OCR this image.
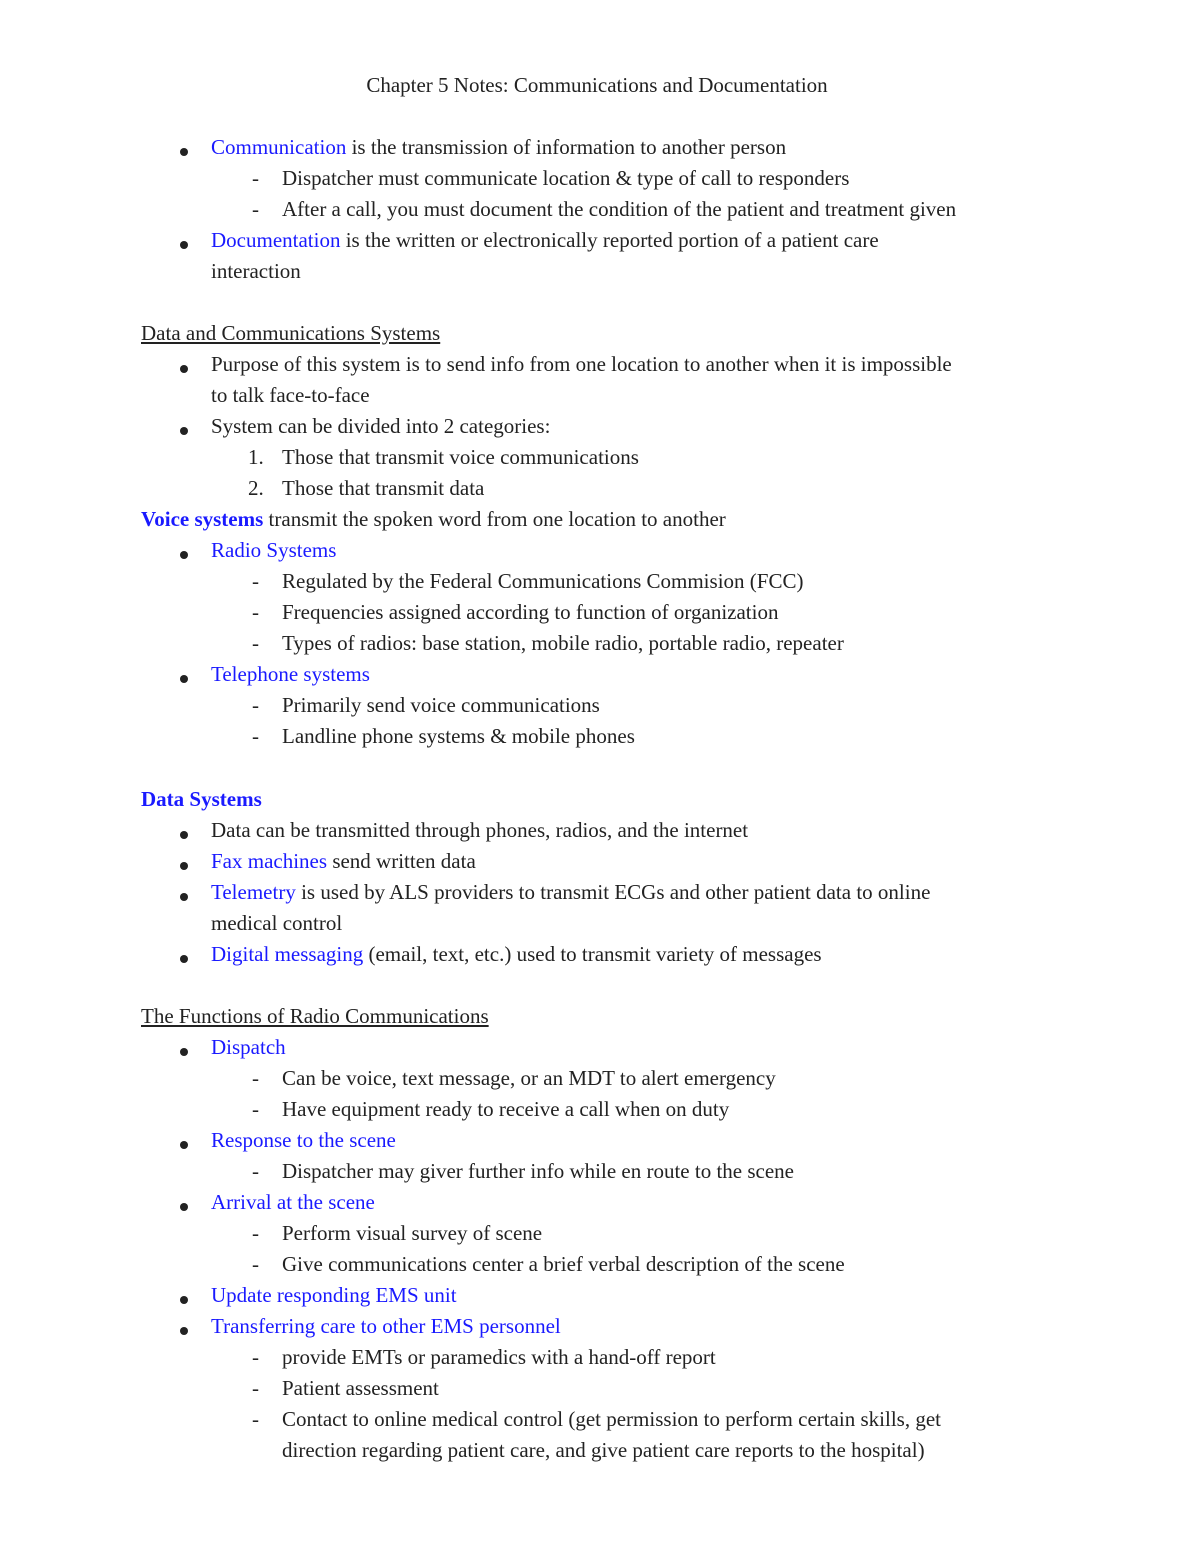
Chapter 5 Notes: Communications and Documentation
Communication is the transmission of information to another person
- Dispatcher must communicate location & type of call to responders
- After a call, you must document the condition of the patient and treatment given
Documentation is the written or electronically reported portion of a patient care
interaction
Data and Communications Systems
Purpose of this system is to send info from one location to another when it is impossible
to talk face-to-face
System can be divided into 2 categories:
1. Those that transmit voice communications
2. Those that transmit data
Voice systems transmit the spoken word from one location to another
Radio Systems
- Regulated by the Federal Communications Commision (FCC)
- Frequencies assigned according to function of organization
- Types of radios: base station, mobile radio, portable radio, repeater
Telephone systems
- Primarily send voice communications
- Landline phone systems & mobile phones
Data Systems
Data can be transmitted through phones, radios, and the internet
Fax machines send written data
Telemetry is used by ALS providers to transmit ECGs and other patient data to online
medical control
Digital messaging (email, text, etc.) used to transmit variety of messages
The Functions of Radio Communications
Dispatch
- Can be voice, text message, or an MDT to alert emergency
- Have equipment ready to receive a call when on duty
Response to the scene
- Dispatcher may giver further info while en route to the scene
Arrival at the scene
- Perform visual survey of scene
- Give communications center a brief verbal description of the scene
Update responding EMS unit
Transferring care to other EMS personnel
- provide EMTs or paramedics with a hand-off report
- Patient assessment
- Contact to online medical control (get permission to perform certain skills, get
direction regarding patient care, and give patient care reports to the hospital)
